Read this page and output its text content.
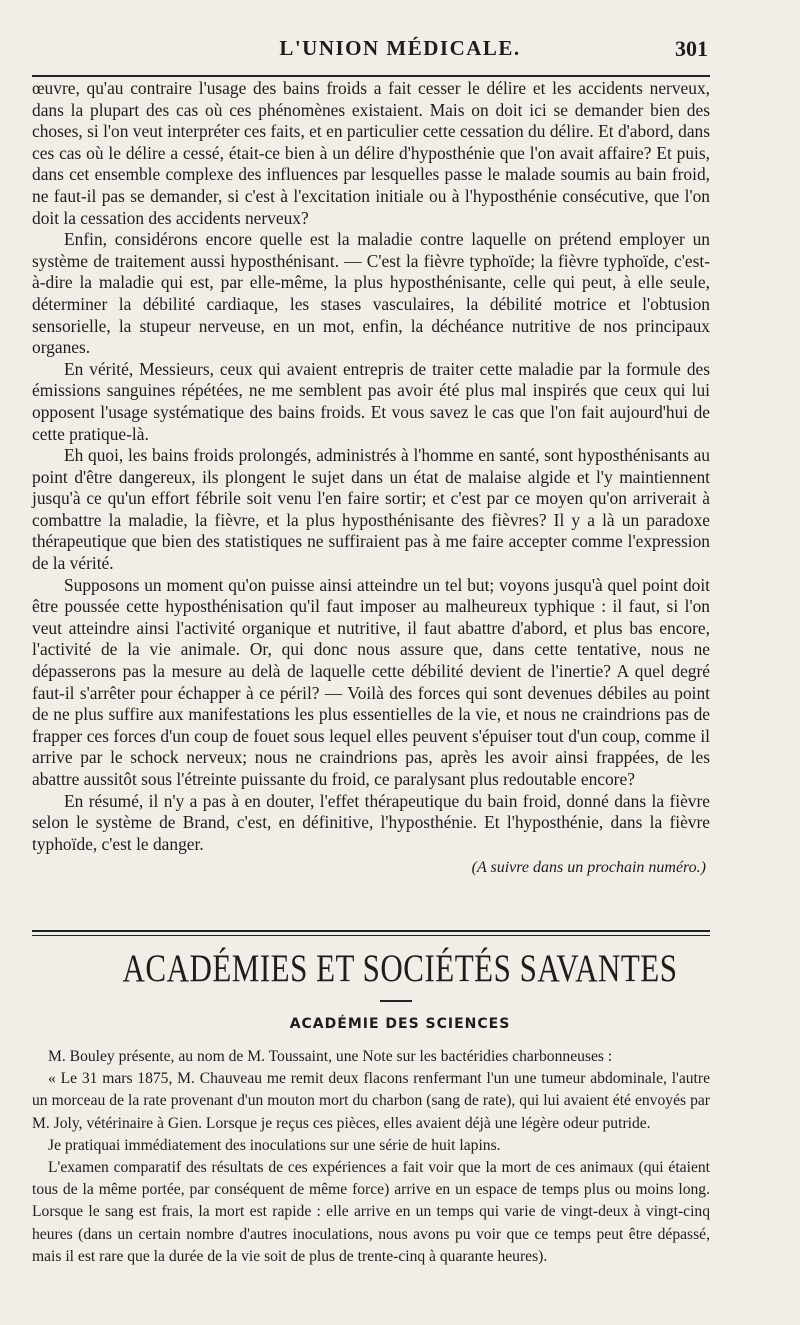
L'UNION MÉDICALE.	301

œuvre, qu'au contraire l'usage des bains froids a fait cesser le délire et les accidents nerveux, dans la plupart des cas où ces phénomènes existaient. Mais on doit ici se demander bien des choses, si l'on veut interpréter ces faits, et en particulier cette cessation du délire. Et d'abord, dans ces cas où le délire a cessé, était-ce bien à un délire d'hyposthénie que l'on avait affaire? Et puis, dans cet ensemble complexe des influences par lesquelles passe le malade soumis au bain froid, ne faut-il pas se demander, si c'est à l'excitation initiale ou à l'hyposthénie consécutive, que l'on doit la cessation des accidents nerveux?

Enfin, considérons encore quelle est la maladie contre laquelle on prétend employer un système de traitement aussi hyposthénisant. — C'est la fièvre typhoïde; la fièvre typhoïde, c'est-à-dire la maladie qui est, par elle-même, la plus hyposthénisante, celle qui peut, à elle seule, déterminer la débilité cardiaque, les stases vasculaires, la débilité motrice et l'obtusion sensorielle, la stupeur nerveuse, en un mot, enfin, la déchéance nutritive de nos principaux organes.

En vérité, Messieurs, ceux qui avaient entrepris de traiter cette maladie par la formule des émissions sanguines répétées, ne me semblent pas avoir été plus mal inspirés que ceux qui lui opposent l'usage systématique des bains froids. Et vous savez le cas que l'on fait aujourd'hui de cette pratique-là.

Eh quoi, les bains froids prolongés, administrés à l'homme en santé, sont hyposthénisants au point d'être dangereux, ils plongent le sujet dans un état de malaise algide et l'y maintiennent jusqu'à ce qu'un effort fébrile soit venu l'en faire sortir; et c'est par ce moyen qu'on arriverait à combattre la maladie, la fièvre, et la plus hyposthénisante des fièvres? Il y a là un paradoxe thérapeutique que bien des statistiques ne suffiraient pas à me faire accepter comme l'expression de la vérité.

Supposons un moment qu'on puisse ainsi atteindre un tel but; voyons jusqu'à quel point doit être poussée cette hyposthénisation qu'il faut imposer au malheureux typhique : il faut, si l'on veut atteindre ainsi l'activité organique et nutritive, il faut abattre d'abord, et plus bas encore, l'activité de la vie animale. Or, qui donc nous assure que, dans cette tentative, nous ne dépasserons pas la mesure au delà de laquelle cette débilité devient de l'inertie? A quel degré faut-il s'arrêter pour échapper à ce péril? — Voilà des forces qui sont devenues débiles au point de ne plus suffire aux manifestations les plus essentielles de la vie, et nous ne craindrions pas de frapper ces forces d'un coup de fouet sous lequel elles peuvent s'épuiser tout d'un coup, comme il arrive par le schock nerveux; nous ne craindrions pas, après les avoir ainsi frappées, de les abattre aussitôt sous l'étreinte puissante du froid, ce paralysant plus redoutable encore?

En résumé, il n'y a pas à en douter, l'effet thérapeutique du bain froid, donné dans la fièvre selon le système de Brand, c'est, en définitive, l'hyposthénie. Et l'hyposthénie, dans la fièvre typhoïde, c'est le danger.

(A suivre dans un prochain numéro.)
ACADÉMIES ET SOCIÉTÉS SAVANTES
ACADÉMIE DES SCIENCES

M. Bouley présente, au nom de M. Toussaint, une Note sur les bactéridies charbonneuses :

« Le 31 mars 1875, M. Chauveau me remit deux flacons renfermant l'un une tumeur abdominale, l'autre un morceau de la rate provenant d'un mouton mort du charbon (sang de rate), qui lui avaient été envoyés par M. Joly, vétérinaire à Gien. Lorsque je reçus ces pièces, elles avaient déjà une légère odeur putride.

Je pratiquai immédiatement des inoculations sur une série de huit lapins.

L'examen comparatif des résultats de ces expériences a fait voir que la mort de ces animaux (qui étaient tous de la même portée, par conséquent de même force) arrive en un espace de temps plus ou moins long. Lorsque le sang est frais, la mort est rapide : elle arrive en un temps qui varie de vingt-deux à vingt-cinq heures (dans un certain nombre d'autres inoculations, nous avons pu voir que ce temps peut être dépassé, mais il est rare que la durée de la vie soit de plus de trente-cinq à quarante heures).
